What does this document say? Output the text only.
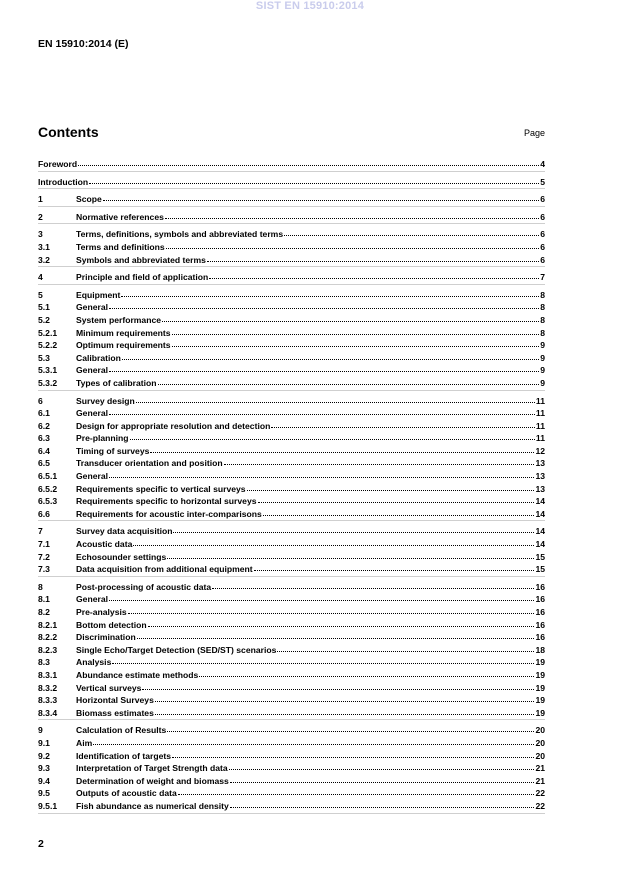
SIST EN 15910:2014
EN 15910:2014 (E)
Contents	Page
Foreword	4
Introduction	5
1	Scope	6
2	Normative references	6
3	Terms, definitions, symbols and abbreviated terms	6
3.1	Terms and definitions	6
3.2	Symbols and abbreviated terms	6
4	Principle and field of application	7
5	Equipment	8
5.1	General	8
5.2	System performance	8
5.2.1	Minimum requirements	8
5.2.2	Optimum requirements	9
5.3	Calibration	9
5.3.1	General	9
5.3.2	Types of calibration	9
6	Survey design	11
6.1	General	11
6.2	Design for appropriate resolution and detection	11
6.3	Pre-planning	11
6.4	Timing of surveys	12
6.5	Transducer orientation and position	13
6.5.1	General	13
6.5.2	Requirements specific to vertical surveys	13
6.5.3	Requirements specific to horizontal surveys	14
6.6	Requirements for acoustic inter-comparisons	14
7	Survey data acquisition	14
7.1	Acoustic data	14
7.2	Echosounder settings	15
7.3	Data acquisition from additional equipment	15
8	Post-processing of acoustic data	16
8.1	General	16
8.2	Pre-analysis	16
8.2.1	Bottom detection	16
8.2.2	Discrimination	16
8.2.3	Single Echo/Target Detection (SED/ST) scenarios	18
8.3	Analysis	19
8.3.1	Abundance estimate methods	19
8.3.2	Vertical surveys	19
8.3.3	Horizontal Surveys	19
8.3.4	Biomass estimates	19
9	Calculation of Results	20
9.1	Aim	20
9.2	Identification of targets	20
9.3	Interpretation of Target Strength data	21
9.4	Determination of weight and biomass	21
9.5	Outputs of acoustic data	22
9.5.1	Fish abundance as numerical density	22
2
